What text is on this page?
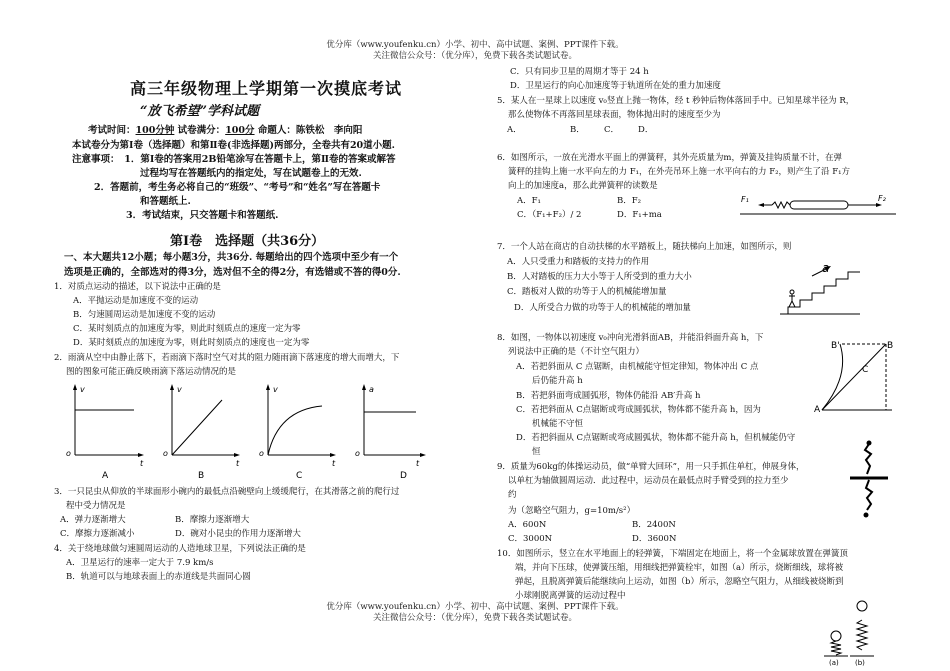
优分库（www.youfenku.cn）小学、初中、高中试题、案例、PPT课件下载。
关注微信公众号：（优分库），免费下载各类试题试卷。
优分库（www.youfenku.cn）小学、初中、高中试题、案例、PPT课件下载。
关注微信公众号：（优分库），免费下载各类试题试卷。
高三年级物理上学期第一次摸底考试
“放飞希望”学科试题
考试时间：100分钟 试卷满分：100分 命题人：陈铁松　李向阳
本试卷分为第Ⅰ卷（选择题）和第Ⅱ卷(非选择题)两部分，全卷共有20道小题.
注意事项：　1．第Ⅰ卷的答案用2B铅笔涂写在答题卡上，第Ⅱ卷的答案或解答
过程均写在答题纸内的指定处，写在试题卷上的无效.
2．答题前，考生务必将自己的“班级”、“考号”和“姓名”写在答题卡
和答题纸上.
3．考试结束，只交答题卡和答题纸.
第Ⅰ卷　选择题（共36分）
一、本大题共12小题；每小题3分，共36分. 每题给出的四个选项中至少有一个
选项是正确的，全部选对的得3分，选对但不全的得2分，有选错或不答的得0分.
1．对质点运动的描述，以下说法中正确的是
A．平抛运动是加速度不变的运动
B．匀速圆周运动是加速度不变的运动
C．某时刻质点的加速度为零，则此时刻质点的速度一定为零
D．某时刻质点的加速度为零，则此时刻质点的速度也一定为零
2．雨滴从空中由静止落下，若雨滴下落时空气对其的阻力随雨滴下落速度的增大而增大，下
图的图象可能正确反映雨滴下落运动情况的是
v
o
t
A
v
o
t
B
v
o
t
C
a
o
t
D
3．一只昆虫从仰放的半球面形小碗内的最低点沿碗壁向上缓缓爬行，在其滑落之前的爬行过
程中受力情况是
A．弹力逐渐增大	B．摩擦力逐渐增大
C．摩擦力逐渐减小	D．碗对小昆虫的作用力逐渐增大
4．关于绕地球做匀速圆周运动的人造地球卫星，下列说法正确的是
A．卫星运行的速率一定大于 7.9 km/s
B．轨道可以与地球表面上的赤道线是共面同心圆
C．只有同步卫星的周期才等于 24 h
D．卫星运行的向心加速度等于轨道所在处的重力加速度
5．某人在一星球上以速度 v₀竖直上抛一物体，经 t 秒钟后物体落回手中。已知星球半径为 R，
那么使物体不再落回星球表面，物体抛出时的速度至少为
A．	B． C． D．
6．如图所示，一放在光滑水平面上的弹簧秤，其外壳质量为m，弹簧及挂钩质量不计，在弹
簧秤的挂钩上施一水平向左的力 F₁，在外壳吊环上施一水平向右的力 F₂，则产生了沿 F₁方
向上的加速度a，那么此弹簧秤的读数是
A．F₁	B．F₂
C．（F₁+F₂）/ 2	D．F₁+ma
F₁	F₂
7．一个人站在商店的自动扶梯的水平踏板上，随扶梯向上加速，如图所示，则
A．人只受重力和踏板的支持力的作用
B．人对踏板的压力大小等于人所受到的重力大小
C．踏板对人做的功等于人的机械能增加量
D．人所受合力做的功等于人的机械能的增加量
a
8．如图，一物体以初速度 v₀冲向光滑斜面AB，并能沿斜面升高 h，下
列说法中正确的是（不计空气阻力）
A．若把斜面从 C 点锯断，由机械能守恒定律知，物体冲出 C 点
后仍能升高 h
B．若把斜面弯成圆弧形，物体仍能沿 AB′升高 h
C．若把斜面从 C点锯断或弯成圆弧状，物体都不能升高 h，因为
机械能不守恒
D．若把斜面从 C点锯断或弯成圆弧状，物体都不能升高 h，但机械能仍守
恒
A
B
B'
C
9．质量为60kg的体操运动员，做“单臂大回环”，用一只手抓住单杠，伸展身体，
以单杠为轴做圆周运动．此过程中，运动员在最低点时手臂受到的拉力至少
约
为（忽略空气阻力，g=10m/s²）
A．600N	B．2400N
C．3000N	D．3600N
10．如图所示，竖立在水平地面上的轻弹簧，下端固定在地面上，将一个金属球放置在弹簧顶
端，并向下压球，使弹簧压缩，用细线把弹簧栓牢，如图（a）所示，烧断细线，球将被
弹起，且脱离弹簧后能继续向上运动，如图（b）所示，忽略空气阻力，从细线被烧断到
小球刚脱离弹簧的运动过程中
(a) (b)
